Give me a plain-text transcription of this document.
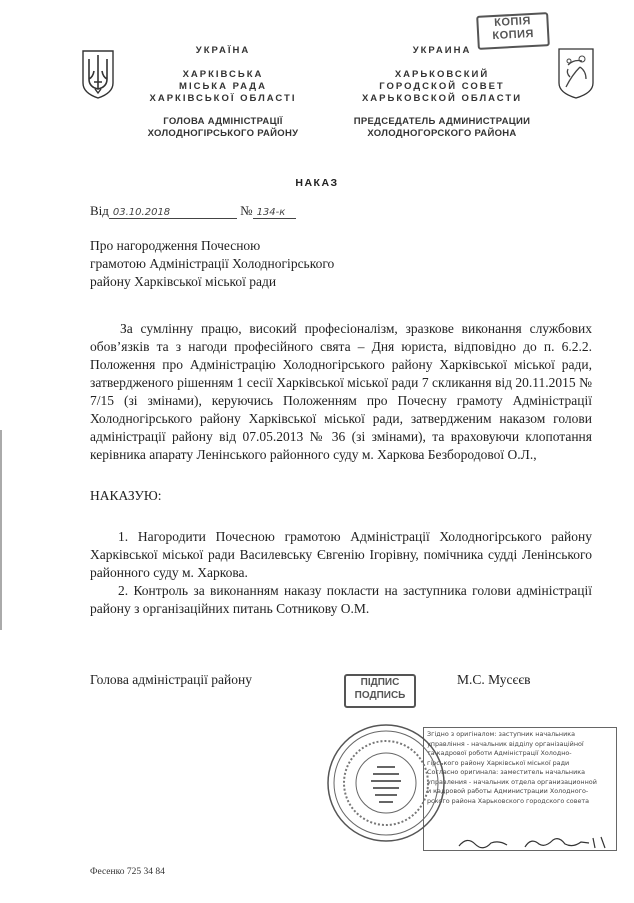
КОПІЯ
КОПИЯ
УКРАЇНА
ХАРКІВСЬКА
МІСЬКА РАДА
ХАРКІВСЬКОЇ ОБЛАСТІ
ГОЛОВА АДМІНІСТРАЦІЇ
ХОЛОДНОГІРСЬКОГО РАЙОНУ
УКРАИНА
ХАРЬКОВСКИЙ
ГОРОДСКОЙ СОВЕТ
ХАРЬКОВСКОЙ ОБЛАСТИ
ПРЕДСЕДАТЕЛЬ АДМИНИСТРАЦИИ
ХОЛОДНОГОРСКОГО РАЙОНА
НАКАЗ
Від 03.10.2018	№ 134-к
Про нагородження Почесною
грамотою Адміністрації Холодногірського
району Харківської міської ради
За сумлінну працю, високий професіоналізм, зразкове виконання службових обов’язків та з нагоди професійного свята – Дня юриста, відповідно до п. 6.2.2. Положення про Адміністрацію Холодногірського району Харківської міської ради, затвердженого рішенням 1 сесії Харківської міської ради 7 скликання від 20.11.2015 № 7/15 (зі змінами), керуючись Положенням про Почесну грамоту Адміністрації Холодногірського району Харківської міської ради, затвердженим наказом голови адміністрації району від 07.05.2013 № 36 (зі змінами), та враховуючи клопотання керівника апарату Ленінського районного суду м. Харкова Безбородової О.Л.,
НАКАЗУЮ:

1. Нагородити Почесною грамотою Адміністрації Холодногірського району Харківської міської ради Василевську Євгенію Ігорівну, помічника судді Ленінського районного суду м. Харкова.

2. Контроль за виконанням наказу покласти на заступника голови адміністрації району з організаційних питань Сотникову О.М.

Голова адміністрації району	ПІДПИС
ПОДПИСЬ
М.С. Мусєєв
Згідно з оригіналом: заступник начальника
управління - начальник відділу організаційної
та кадрової роботи Адміністрації Холодно-
гірського району Харківської міської ради
Согласно оригинала: заместитель начальника
управления - начальник отдела организационной
и кадровой работы Администрации Холодного-
рского района Харьковского городского совета
Фесенко 725 34 84
